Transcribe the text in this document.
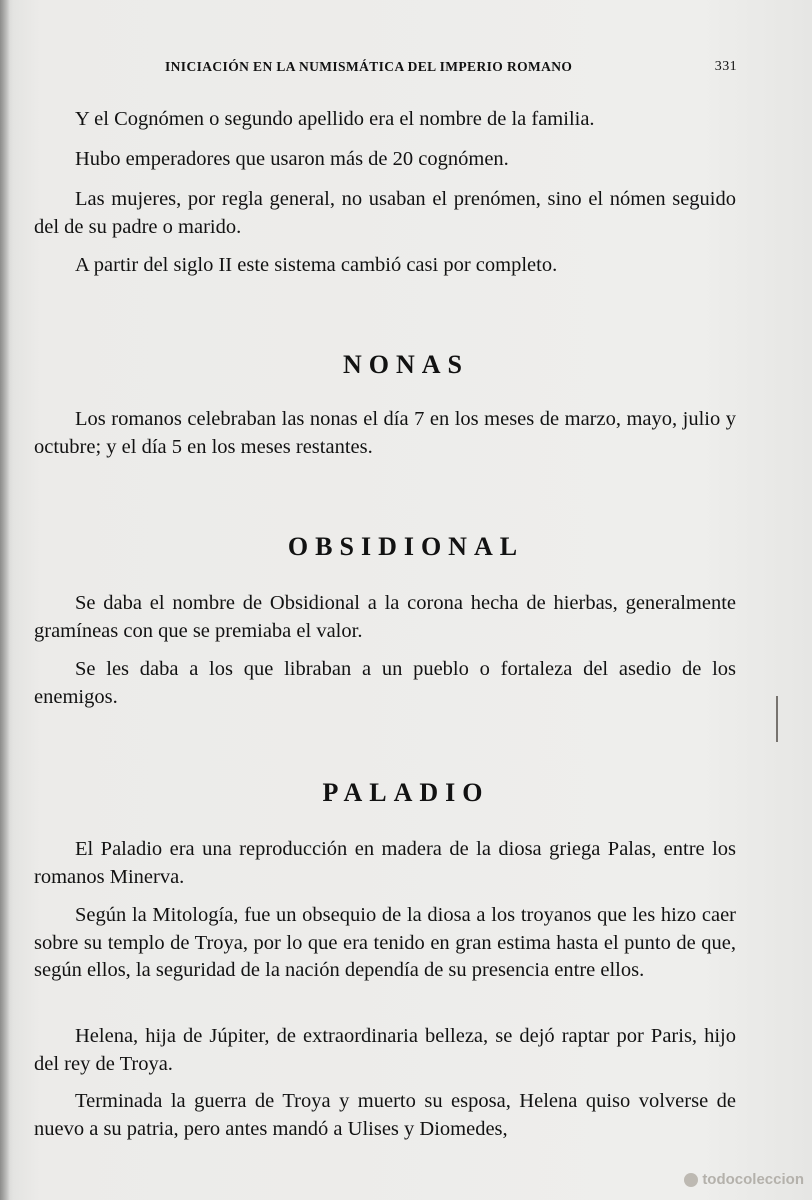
INICIACIÓN EN LA NUMISMÁTICA DEL IMPERIO ROMANO	331

Y el Cognómen o segundo apellido era el nombre de la familia.

Hubo emperadores que usaron más de 20 cognómen.

Las mujeres, por regla general, no usaban el prenómen, sino el nómen seguido del de su padre o marido.

A partir del siglo II este sistema cambió casi por completo.

NONAS

Los romanos celebraban las nonas el día 7 en los meses de marzo, mayo, julio y octubre; y el día 5 en los meses restantes.

OBSIDIONAL

Se daba el nombre de Obsidional a la corona hecha de hierbas, generalmente gramíneas con que se premiaba el valor.

Se les daba a los que libraban a un pueblo o fortaleza del asedio de los enemigos.

PALADIO

El Paladio era una reproducción en madera de la diosa griega Palas, entre los romanos Minerva.

Según la Mitología, fue un obsequio de la diosa a los troyanos que les hizo caer sobre su templo de Troya, por lo que era tenido en gran estima hasta el punto de que, según ellos, la seguridad de la nación dependía de su presencia entre ellos.

Helena, hija de Júpiter, de extraordinaria belleza, se dejó raptar por Paris, hijo del rey de Troya.

Terminada la guerra de Troya y muerto su esposa, Helena quiso volverse de nuevo a su patria, pero antes mandó a Ulises y Diomedes,

todocoleccion
